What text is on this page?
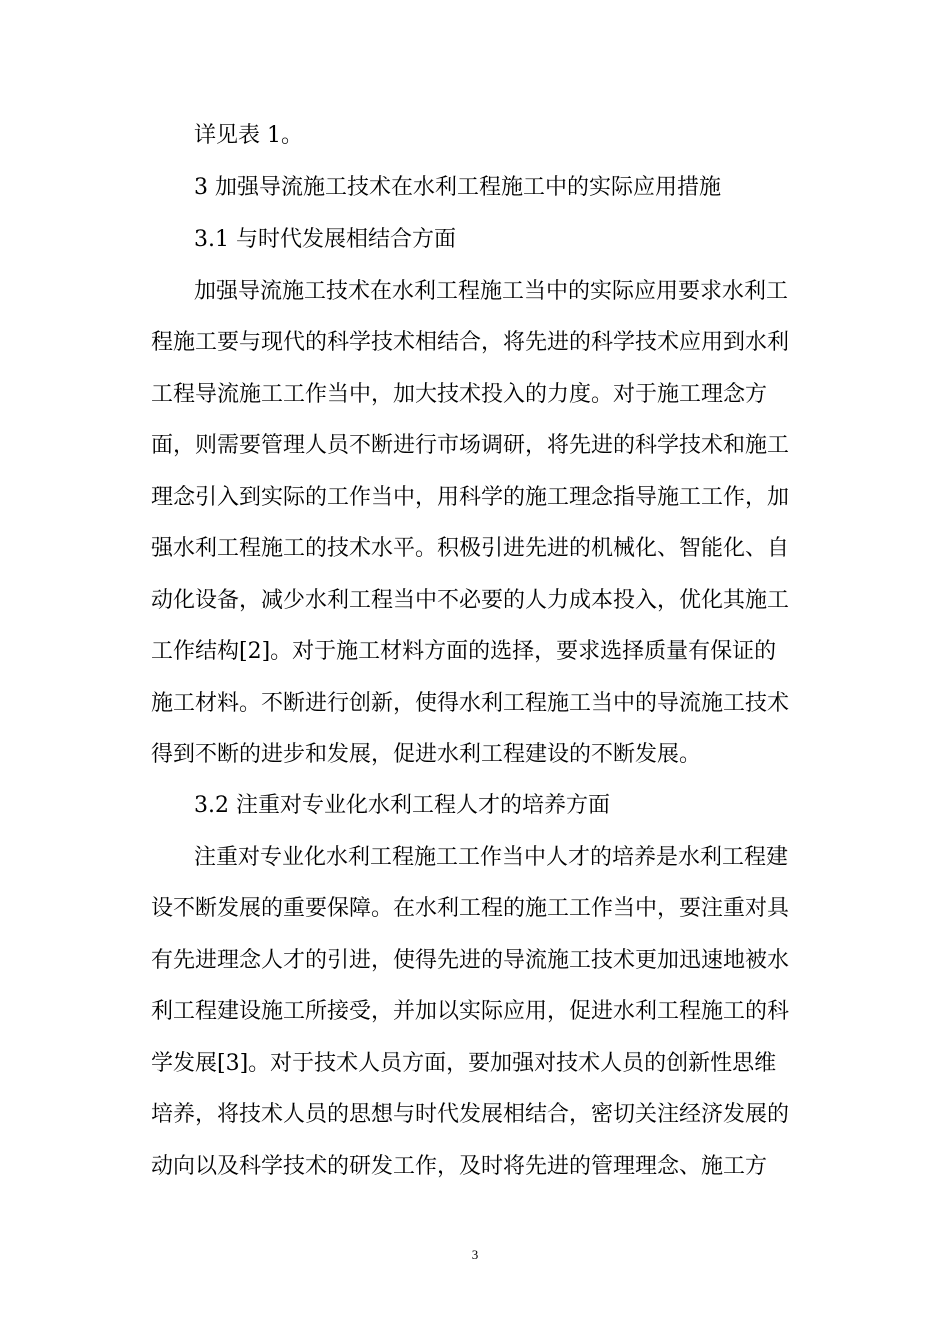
详见表 1。
3 加强导流施工技术在水利工程施工中的实际应用措施
3.1 与时代发展相结合方面
加强导流施工技术在水利工程施工当中的实际应用要求水利工
程施工要与现代的科学技术相结合，将先进的科学技术应用到水利
工程导流施工工作当中，加大技术投入的力度。对于施工理念方
面，则需要管理人员不断进行市场调研，将先进的科学技术和施工
理念引入到实际的工作当中，用科学的施工理念指导施工工作，加
强水利工程施工的技术水平。积极引进先进的机械化、智能化、自
动化设备，减少水利工程当中不必要的人力成本投入，优化其施工
工作结构[2]。对于施工材料方面的选择，要求选择质量有保证的
施工材料。不断进行创新，使得水利工程施工当中的导流施工技术
得到不断的进步和发展，促进水利工程建设的不断发展。
3.2 注重对专业化水利工程人才的培养方面
注重对专业化水利工程施工工作当中人才的培养是水利工程建
设不断发展的重要保障。在水利工程的施工工作当中，要注重对具
有先进理念人才的引进，使得先进的导流施工技术更加迅速地被水
利工程建设施工所接受，并加以实际应用，促进水利工程施工的科
学发展[3]。对于技术人员方面，要加强对技术人员的创新性思维
培养，将技术人员的思想与时代发展相结合，密切关注经济发展的
动向以及科学技术的研发工作，及时将先进的管理理念、施工方
3
